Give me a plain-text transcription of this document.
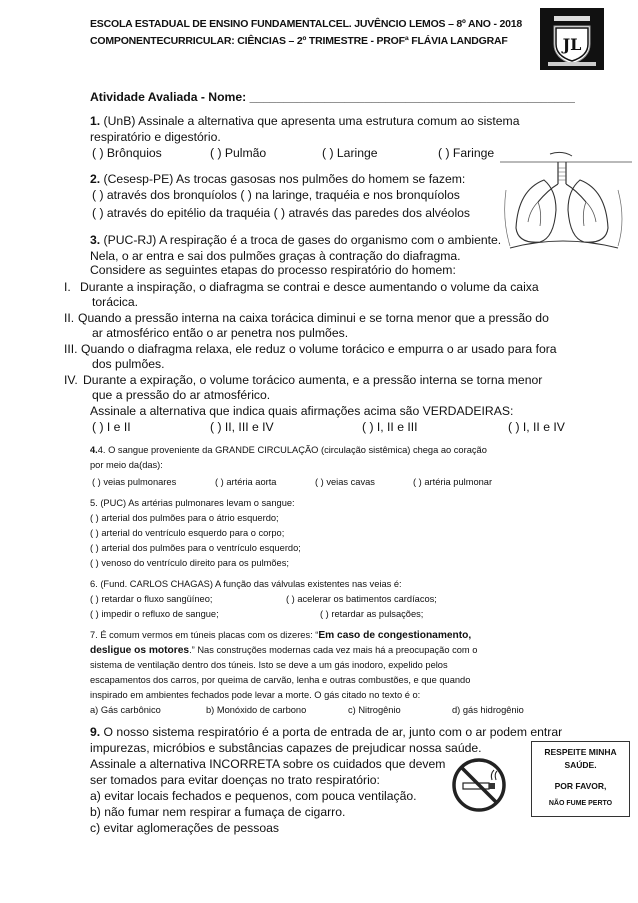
ESCOLA ESTADUAL DE ENSINO FUNDAMENTALCEL. JUVÊNCIO LEMOS – 8º ANO - 2018
COMPONENTECURRICULAR: CIÊNCIAS – 2º TRIMESTRE - PROFª FLÁVIA LANDGRAF	JL
Atividade Avaliada - Nome: ________________________________________________
1. (UnB) Assinale a alternativa que apresenta uma estrutura comum ao sistema
respiratório e digestório.
( ) Brônquios	( ) Pulmão	( ) Laringe	( ) Faringe
2. (Cesesp-PE) As trocas gasosas nos pulmões do homem se fazem:
( ) através dos bronquíolos ( ) na laringe, traquéia e nos bronquíolos
( ) através do epitélio da traquéia ( ) através das paredes dos alvéolos
3. (PUC-RJ) A respiração é a troca de gases do organismo com o ambiente.
Nela, o ar entra e sai dos pulmões graças à contração do diafragma.
Considere as seguintes etapas do processo respiratório do homem:
I. Durante a inspiração, o diafragma se contrai e desce aumentando o volume da caixa
torácica.
II. Quando a pressão interna na caixa torácica diminui e se torna menor que a pressão do
ar atmosférico então o ar penetra nos pulmões.
III. Quando o diafragma relaxa, ele reduz o volume torácico e empurra o ar usado para fora
dos pulmões.
IV. Durante a expiração, o volume torácico aumenta, e a pressão interna se torna menor
que a pressão do ar atmosférico.
Assinale a alternativa que indica quais afirmações acima são VERDADEIRAS:
( ) I e II	( ) II, III e IV	( ) I, II e III	( ) I, II e IV
4.4. O sangue proveniente da GRANDE CIRCULAÇÃO (circulação sistêmica) chega ao coração
por meio da(das):
( ) veias pulmonares	( ) artéria aorta	( ) veias cavas	( ) artéria pulmonar
5. (PUC) As artérias pulmonares levam o sangue:
( ) arterial dos pulmões para o átrio esquerdo;
( ) arterial do ventrículo esquerdo para o corpo;
( ) arterial dos pulmões para o ventrículo esquerdo;
( ) venoso do ventrículo direito para os pulmões;
6. (Fund. CARLOS CHAGAS) A função das válvulas existentes nas veias é:
( ) retardar o fluxo sangüíneo;	( ) acelerar os batimentos cardíacos;
( ) impedir o refluxo de sangue;	( ) retardar as pulsações;
7. É comum vermos em túneis placas com os dizeres: “Em caso de congestionamento,
desligue os motores.” Nas construções modernas cada vez mais há a preocupação com o
sistema de ventilação dentro dos túneis. Isto se deve a um gás inodoro, expelido pelos
escapamentos dos carros, por queima de carvão, lenha e outras combustões, e que quando
inspirado em ambientes fechados pode levar a morte. O gás citado no texto é o:
a) Gás carbônico	b) Monóxido de carbono	c) Nitrogênio	d) gás hidrogênio
9. O nosso sistema respiratório é a porta de entrada de ar, junto com o ar podem entrar
impurezas, micróbios e substâncias capazes de prejudicar nossa saúde.
Assinale a alternativa INCORRETA sobre os cuidados que devem
ser tomados para evitar doenças no trato respiratório:
a) evitar locais fechados e pequenos, com pouca ventilação.
b) não fumar nem respirar a fumaça de cigarro.
c) evitar aglomerações de pessoas
RESPEITE MINHA
SAÚDE.
POR FAVOR,
NÃO FUME PERTO
